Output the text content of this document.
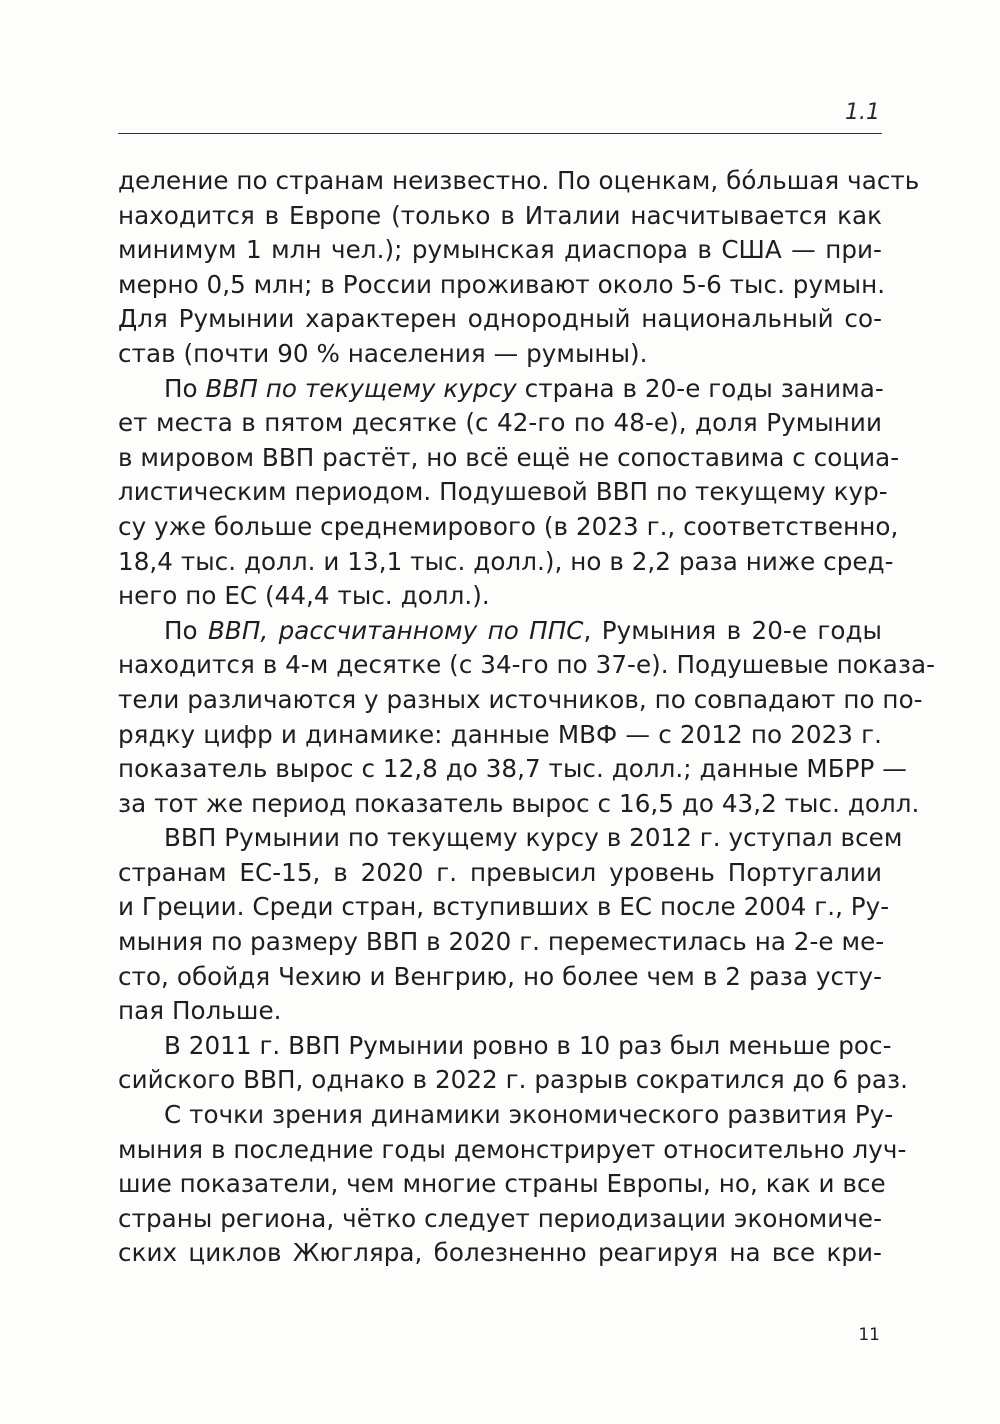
1.1
деление по странам неизвестно. По оценкам, бóльшая часть
находится в Европе (только в Италии насчитывается как
минимум 1 млн чел.); румынская диаспора в США — при-
мерно 0,5 млн; в России проживают около 5-6 тыс. румын.
Для Румынии характерен однородный национальный со-
став (почти 90 % населения — румыны).
По ВВП по текущему курсу страна в 20-е годы занима-
ет места в пятом десятке (с 42-го по 48-е), доля Румынии
в мировом ВВП растёт, но всё ещё не сопоставима с социа-
листическим периодом. Подушевой ВВП по текущему кур-
су уже больше среднемирового (в 2023 г., соответственно,
18,4 тыс. долл. и 13,1 тыс. долл.), но в 2,2 раза ниже сред-
него по ЕС (44,4 тыс. долл.).
По ВВП, рассчитанному по ППС, Румыния в 20-е годы
находится в 4-м десятке (с 34-го по 37-е). Подушевые показа-
тели различаются у разных источников, по совпадают по по-
рядку цифр и динамике: данные МВФ — с 2012 по 2023 г.
показатель вырос с 12,8 до 38,7 тыс. долл.; данные МБРР —
за тот же период показатель вырос с 16,5 до 43,2 тыс. долл.
ВВП Румынии по текущему курсу в 2012 г. уступал всем
странам ЕС-15, в 2020 г. превысил уровень Португалии
и Греции. Среди стран, вступивших в ЕС после 2004 г., Ру-
мыния по размеру ВВП в 2020 г. переместилась на 2-е ме-
сто, обойдя Чехию и Венгрию, но более чем в 2 раза усту-
пая Польше.
В 2011 г. ВВП Румынии ровно в 10 раз был меньше рос-
сийского ВВП, однако в 2022 г. разрыв сократился до 6 раз.
С точки зрения динамики экономического развития Ру-
мыния в последние годы демонстрирует относительно луч-
шие показатели, чем многие страны Европы, но, как и все
страны региона, чётко следует периодизации экономиче-
ских циклов Жюгляра, болезненно реагируя на все кри-
11
